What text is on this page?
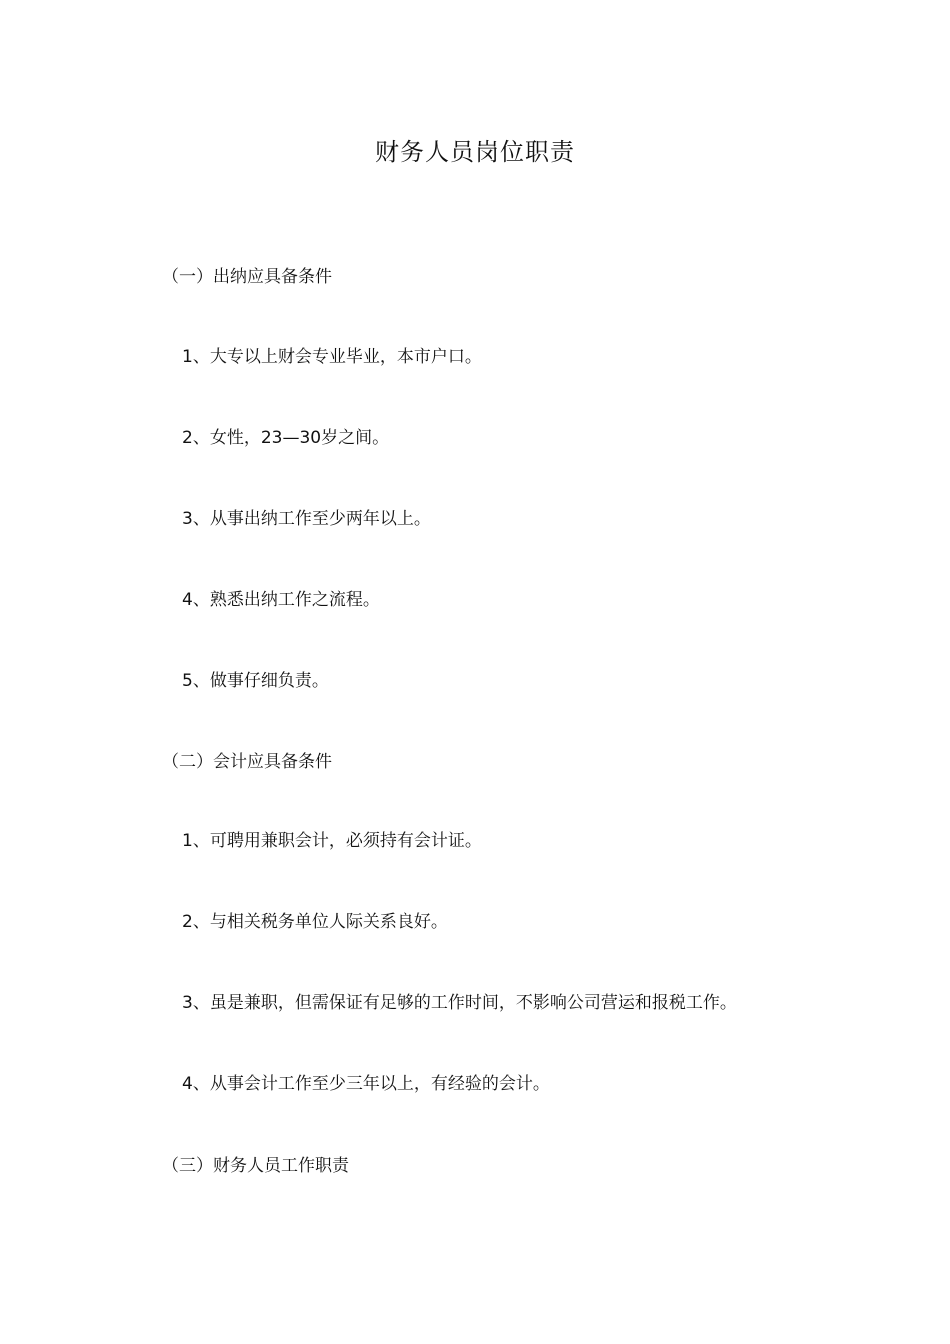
财务人员岗位职责
（一）出纳应具备条件
1、大专以上财会专业毕业，本市户口。
2、女性，23—30岁之间。
3、从事出纳工作至少两年以上。
4、熟悉出纳工作之流程。
5、做事仔细负责。
（二）会计应具备条件
1、可聘用兼职会计，必须持有会计证。
2、与相关税务单位人际关系良好。
3、虽是兼职，但需保证有足够的工作时间，不影响公司营运和报税工作。
4、从事会计工作至少三年以上，有经验的会计。
（三）财务人员工作职责
